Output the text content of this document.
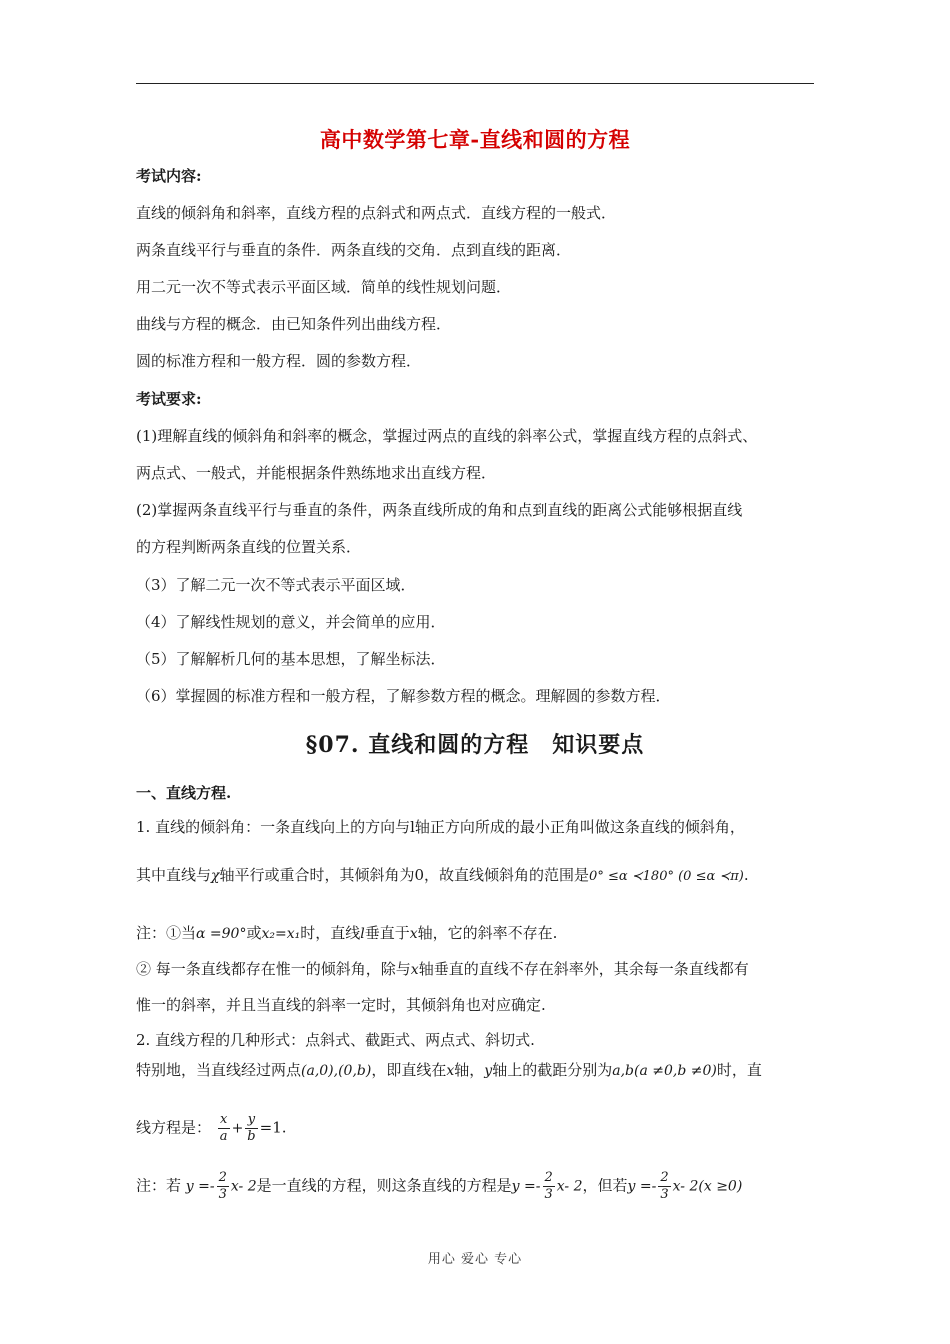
高中数学第七章-直线和圆的方程
考试内容:
直线的倾斜角和斜率，直线方程的点斜式和两点式．直线方程的一般式．
两条直线平行与垂直的条件．两条直线的交角．点到直线的距离．
用二元一次不等式表示平面区域．简单的线性规划问题．
曲线与方程的概念．由已知条件列出曲线方程．
圆的标准方程和一般方程．圆的参数方程．
考试要求:
(1)理解直线的倾斜角和斜率的概念，掌握过两点的直线的斜率公式，掌握直线方程的点斜式、
两点式、一般式，并能根据条件熟练地求出直线方程．
(2)掌握两条直线平行与垂直的条件，两条直线所成的角和点到直线的距离公式能够根据直线
的方程判断两条直线的位置关系．
（3）了解二元一次不等式表示平面区域．
（4）了解线性规划的意义，并会简单的应用．
（5）了解解析几何的基本思想，了解坐标法．
（6）掌握圆的标准方程和一般方程，了解参数方程的概念。理解圆的参数方程．
§07. 直线和圆的方程　知识要点
一、直线方程.
1. 直线的倾斜角：一条直线向上的方向与l轴正方向所成的最小正角叫做这条直线的倾斜角，
其中直线与χ轴平行或重合时，其倾斜角为0，故直线倾斜角的范围是0° ≤α ≺180° (0 ≤α ≺π).
注：①当α =90°或x₂=x₁时，直线l垂直于x轴，它的斜率不存在.
② 每一条直线都存在惟一的倾斜角，除与x轴垂直的直线不存在斜率外，其余每一条直线都有
惟一的斜率，并且当直线的斜率一定时，其倾斜角也对应确定.
2. 直线方程的几种形式：点斜式、截距式、两点式、斜切式.
特别地，当直线经过两点(a,0),(0,b)，即直线在x轴，y轴上的截距分别为a,b(a ≠0,b ≠0)时，直
线方程是： $\frac{x}{a} + \frac{y}{b} =1$.
注：若 $y =- \frac{2}{3} x-$ 2是一直线的方程，则这条直线的方程是$y =- \frac{2}{3} x-$ 2，但若$y =- \frac{2}{3} x-$ 2(x ≥0)
用心 爱心 专心
